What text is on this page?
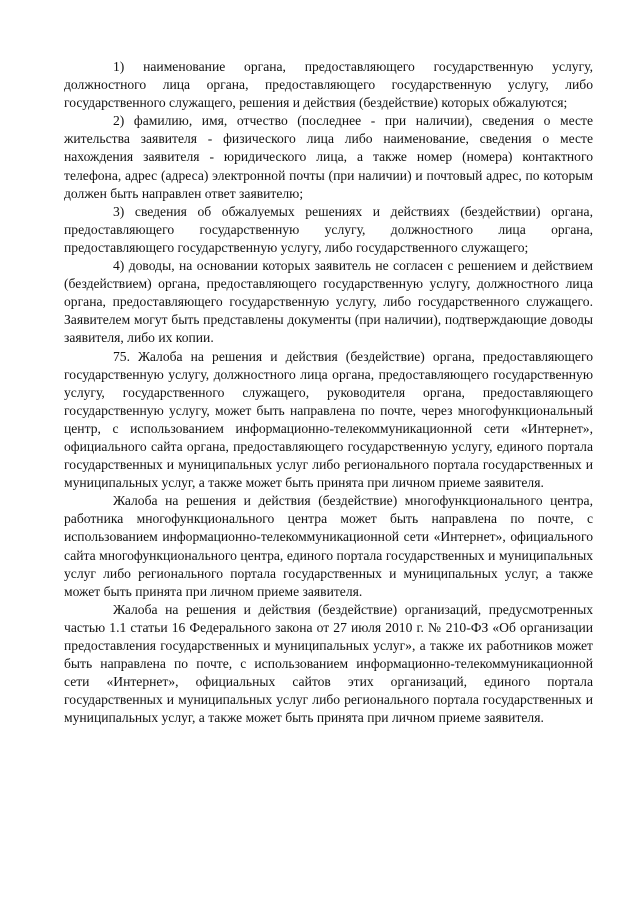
1) наименование органа, предоставляющего государственную услугу, должностного лица органа, предоставляющего государственную услугу, либо государственного служащего, решения и действия (бездействие) которых обжалуются;

2) фамилию, имя, отчество (последнее - при наличии), сведения о месте жительства заявителя - физического лица либо наименование, сведения о месте нахождения заявителя - юридического лица, а также номер (номера) контактного телефона, адрес (адреса) электронной почты (при наличии) и почтовый адрес, по которым должен быть направлен ответ заявителю;

3) сведения об обжалуемых решениях и действиях (бездействии) органа, предоставляющего государственную услугу, должностного лица органа, предоставляющего государственную услугу, либо государственного служащего;

4) доводы, на основании которых заявитель не согласен с решением и действием (бездействием) органа, предоставляющего государственную услугу, должностного лица органа, предоставляющего государственную услугу, либо государственного служащего. Заявителем могут быть представлены документы (при наличии), подтверждающие доводы заявителя, либо их копии.

75. Жалоба на решения и действия (бездействие) органа, предоставляющего государственную услугу, должностного лица органа, предоставляющего государственную услугу, государственного служащего, руководителя органа, предоставляющего государственную услугу, может быть направлена по почте, через многофункциональный центр, с использованием информационно-телекоммуникационной сети «Интернет», официального сайта органа, предоставляющего государственную услугу, единого портала государственных и муниципальных услуг либо регионального портала государственных и муниципальных услуг, а также может быть принята при личном приеме заявителя.

Жалоба на решения и действия (бездействие) многофункционального центра, работника многофункционального центра может быть направлена по почте, с использованием информационно-телекоммуникационной сети «Интернет», официального сайта многофункционального центра, единого портала государственных и муниципальных услуг либо регионального портала государственных и муниципальных услуг, а также может быть принята при личном приеме заявителя.

Жалоба на решения и действия (бездействие) организаций, предусмотренных частью 1.1 статьи 16 Федерального закона от 27 июля 2010 г. № 210-ФЗ «Об организации предоставления государственных и муниципальных услуг», а также их работников может быть направлена по почте, с использованием информационно-телекоммуникационной сети «Интернет», официальных сайтов этих организаций, единого портала государственных и муниципальных услуг либо регионального портала государственных и муниципальных услуг, а также может быть принята при личном приеме заявителя.
